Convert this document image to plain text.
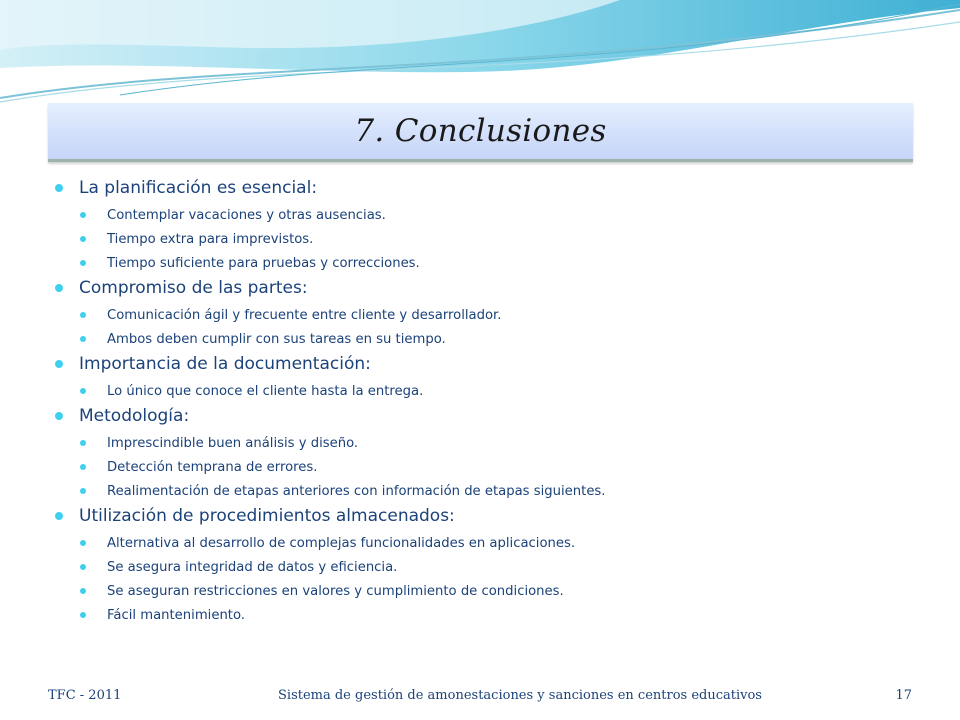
7. Conclusiones
La planificación es esencial:
Contemplar vacaciones y otras ausencias.
Tiempo extra para imprevistos.
Tiempo suficiente para pruebas y correcciones.
Compromiso de las partes:
Comunicación ágil y frecuente entre cliente y desarrollador.
Ambos deben cumplir con sus tareas en su tiempo.
Importancia de la documentación:
Lo único que conoce el cliente hasta la entrega.
Metodología:
Imprescindible buen análisis y diseño.
Detección temprana de errores.
Realimentación de etapas anteriores con información de etapas siguientes.
Utilización de procedimientos almacenados:
Alternativa al desarrollo de complejas funcionalidades en aplicaciones.
Se asegura integridad de datos y eficiencia.
Se aseguran restricciones en valores y cumplimiento de condiciones.
Fácil mantenimiento.
TFC - 2011	Sistema de gestión de amonestaciones y sanciones en centros educativos	17
